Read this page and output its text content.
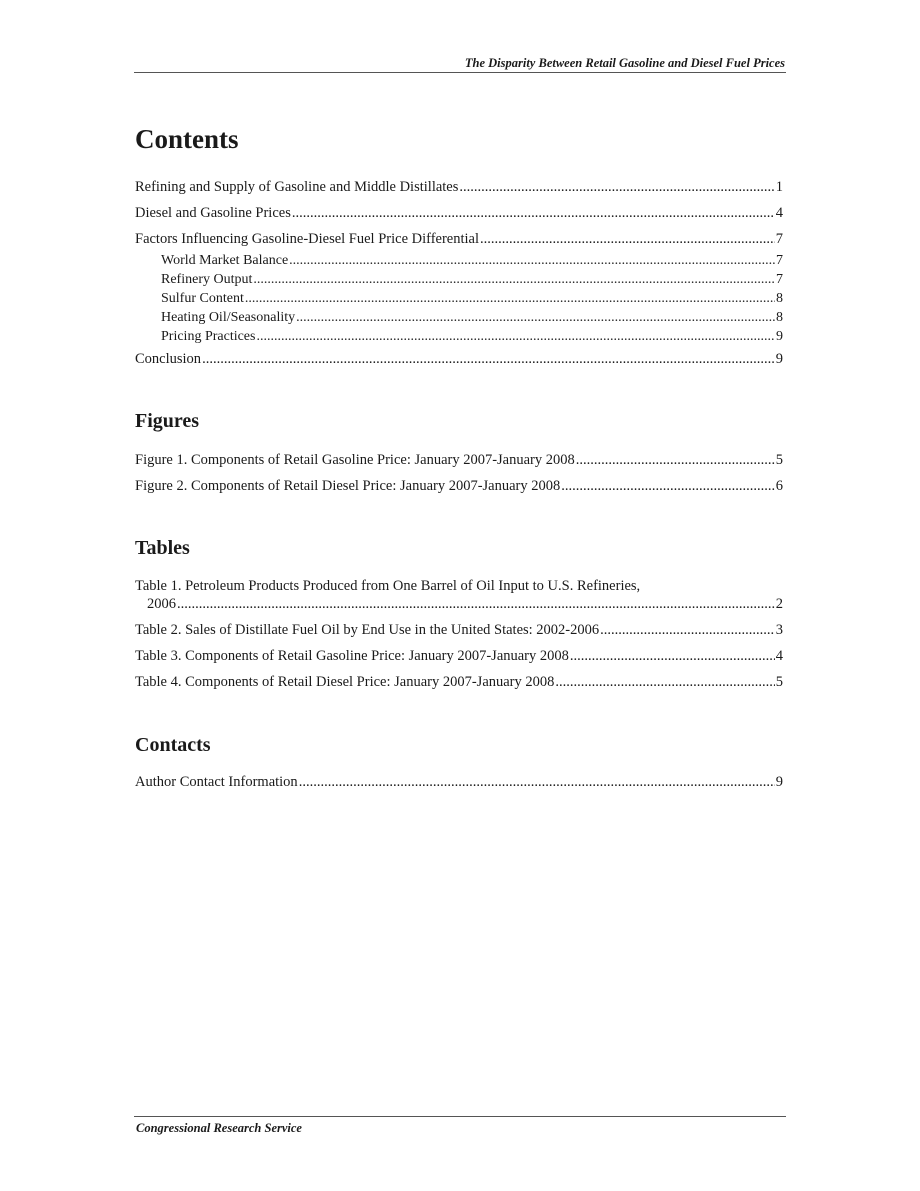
The Disparity Between Retail Gasoline and Diesel Fuel Prices
Contents
Refining and Supply of Gasoline and Middle Distillates .....	1
Diesel and Gasoline Prices .....	4
Factors Influencing Gasoline-Diesel Fuel Price Differential .....	7
World Market Balance .....	7
Refinery Output .....	7
Sulfur Content .....	8
Heating Oil/Seasonality .....	8
Pricing Practices .....	9
Conclusion .....	9
Figures
Figure 1. Components of Retail Gasoline Price: January 2007-January 2008 .....	5
Figure 2. Components of Retail Diesel Price: January 2007-January 2008 .....	6
Tables
Table 1. Petroleum Products Produced from One Barrel of Oil Input to U.S. Refineries,
2006 .....	2
Table 2. Sales of Distillate Fuel Oil by End Use in the United States: 2002-2006 .....	3
Table 3. Components of Retail Gasoline Price: January 2007-January 2008 .....	4
Table 4. Components of Retail Diesel Price: January 2007-January 2008 .....	5
Contacts
Author Contact Information .....	9
Congressional Research Service
